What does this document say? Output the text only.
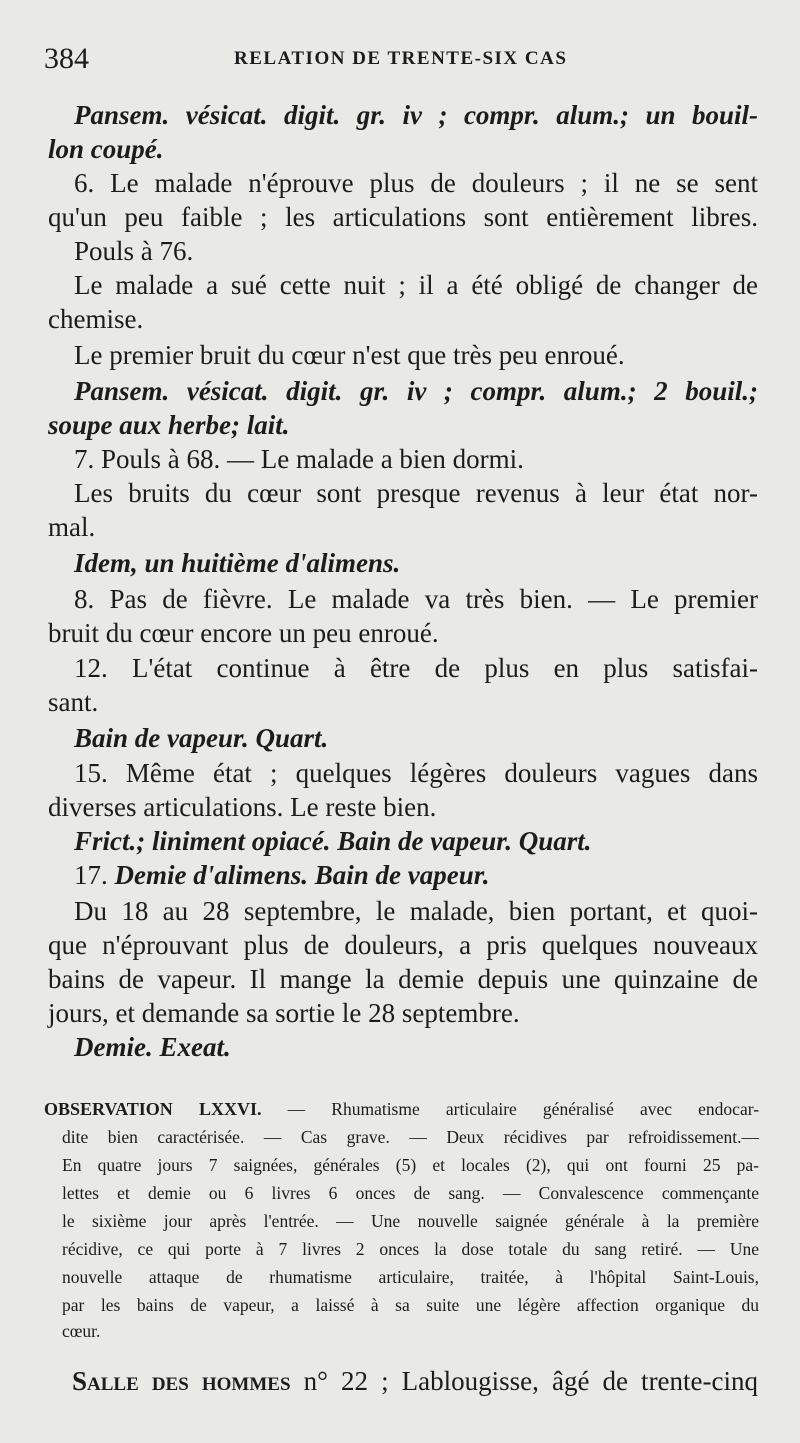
384	RELATION DE TRENTE-SIX CAS
Pansem. vésicat. digit. gr. iv ; compr. alum.; un bouil-
lon coupé.
6. Le malade n'éprouve plus de douleurs ; il ne se sent
qu'un peu faible ; les articulations sont entièrement libres.
Pouls à 76.
Le malade a sué cette nuit ; il a été obligé de changer de
chemise.
Le premier bruit du cœur n'est que très peu enroué.
Pansem. vésicat. digit. gr. iv ; compr. alum.; 2 bouil.;
soupe aux herbe; lait.
7. Pouls à 68. — Le malade a bien dormi.
Les bruits du cœur sont presque revenus à leur état nor-
mal.
Idem, un huitième d'alimens.
8. Pas de fièvre. Le malade va très bien. — Le premier
bruit du cœur encore un peu enroué.
12. L'état continue à être de plus en plus satisfai-
sant.
Bain de vapeur. Quart.
15. Même état ; quelques légères douleurs vagues dans
diverses articulations. Le reste bien.
Frict.; liniment opiacé. Bain de vapeur. Quart.
17. Demie d'alimens. Bain de vapeur.
Du 18 au 28 septembre, le malade, bien portant, et quoi-
que n'éprouvant plus de douleurs, a pris quelques nouveaux
bains de vapeur. Il mange la demie depuis une quinzaine de
jours, et demande sa sortie le 28 septembre.
Demie. Exeat.
OBSERVATION LXXVI. — Rhumatisme articulaire généralisé avec endocar-
dite bien caractérisée. — Cas grave. — Deux récidives par refroidissement.—
En quatre jours 7 saignées, générales (5) et locales (2), qui ont fourni 25 pa-
lettes et demie ou 6 livres 6 onces de sang. — Convalescence commençante
le sixième jour après l'entrée. — Une nouvelle saignée générale à la première
récidive, ce qui porte à 7 livres 2 onces la dose totale du sang retiré. — Une
nouvelle attaque de rhumatisme articulaire, traitée, à l'hôpital Saint-Louis,
par les bains de vapeur, a laissé à sa suite une légère affection organique du
cœur.
Salle des hommes n° 22 ; Lablougisse, âgé de trente-cinq
